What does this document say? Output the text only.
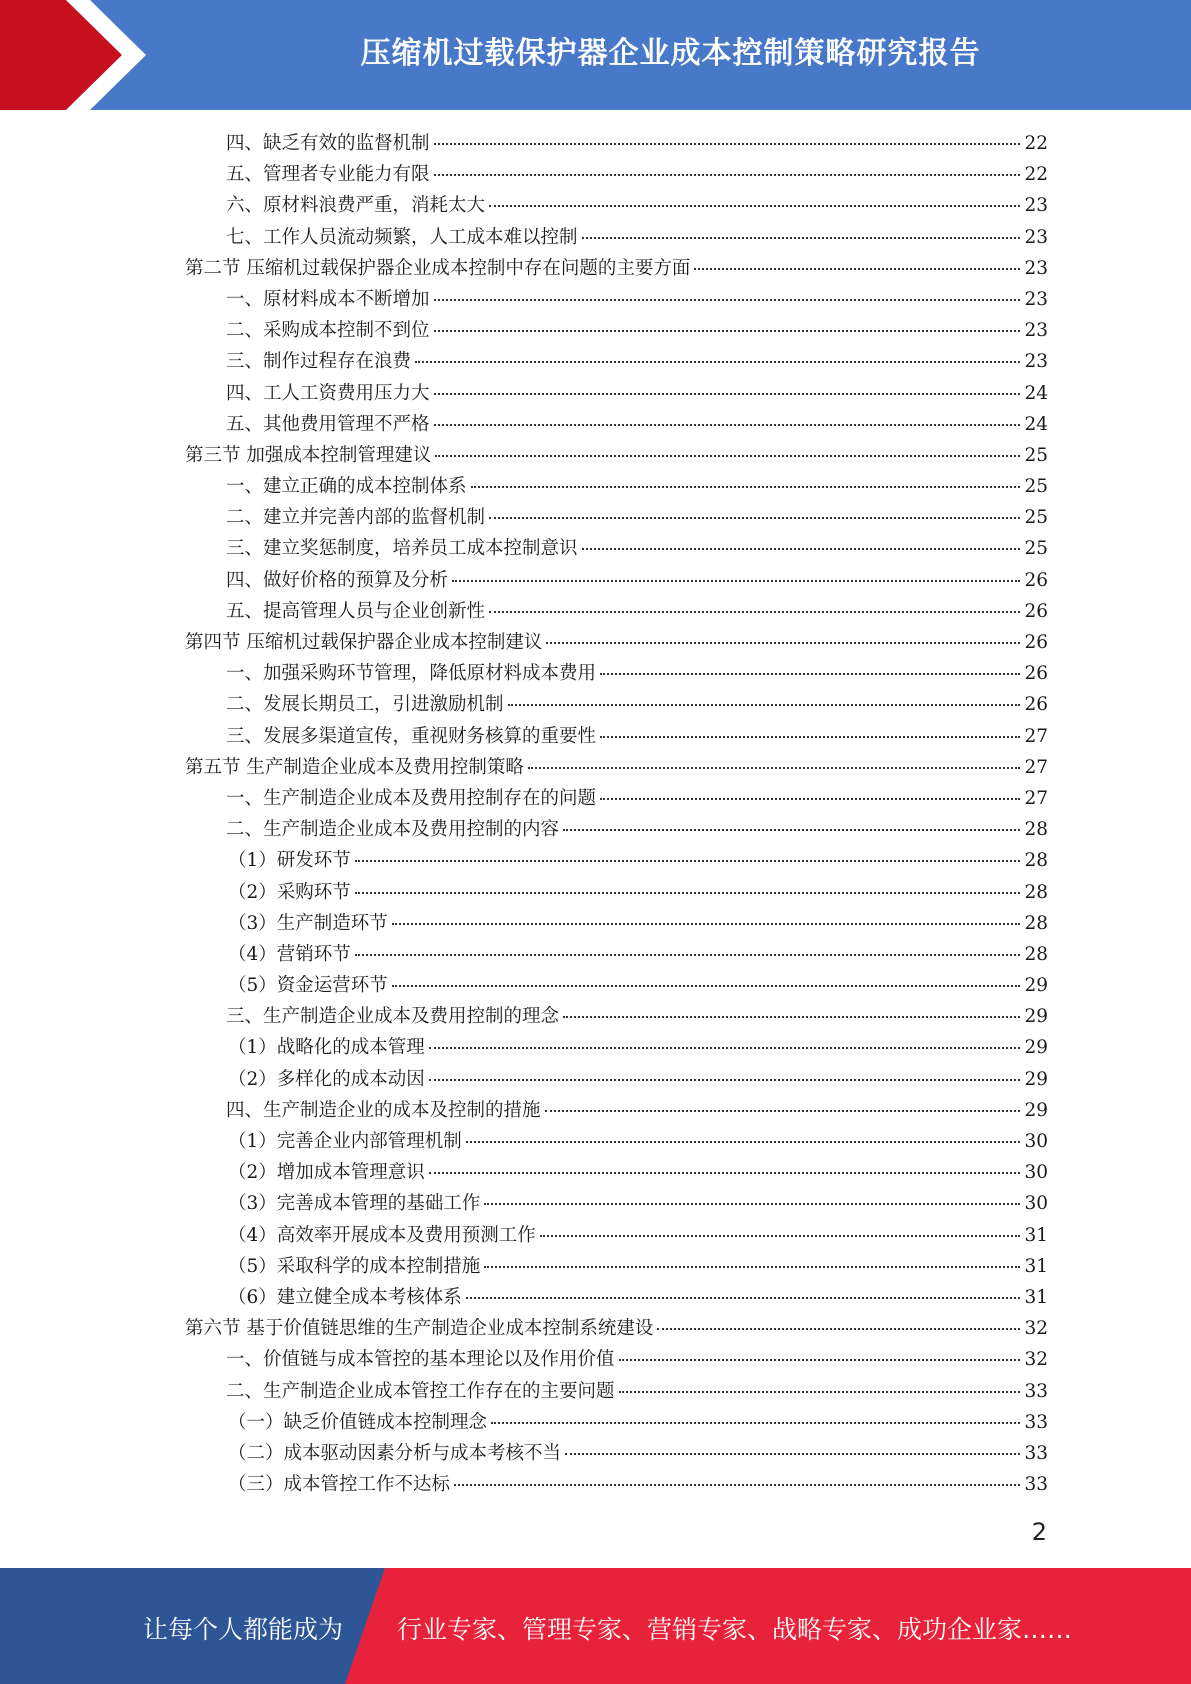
压缩机过载保护器企业成本控制策略研究报告
四、缺乏有效的监督机制	22
五、管理者专业能力有限	22
六、原材料浪费严重，消耗太大	23
七、工作人员流动频繁，人工成本难以控制	23
第二节 压缩机过载保护器企业成本控制中存在问题的主要方面	23
一、原材料成本不断增加	23
二、采购成本控制不到位	23
三、制作过程存在浪费	23
四、工人工资费用压力大	24
五、其他费用管理不严格	24
第三节 加强成本控制管理建议	25
一、建立正确的成本控制体系	25
二、建立并完善内部的监督机制	25
三、建立奖惩制度，培养员工成本控制意识	25
四、做好价格的预算及分析	26
五、提高管理人员与企业创新性	26
第四节 压缩机过载保护器企业成本控制建议	26
一、加强采购环节管理，降低原材料成本费用	26
二、发展长期员工，引进激励机制	26
三、发展多渠道宣传，重视财务核算的重要性	27
第五节 生产制造企业成本及费用控制策略	27
一、生产制造企业成本及费用控制存在的问题	27
二、生产制造企业成本及费用控制的内容	28
（1）研发环节	28
（2）采购环节	28
（3）生产制造环节	28
（4）营销环节	28
（5）资金运营环节	29
三、生产制造企业成本及费用控制的理念	29
（1）战略化的成本管理	29
（2）多样化的成本动因	29
四、生产制造企业的成本及控制的措施	29
（1）完善企业内部管理机制	30
（2）增加成本管理意识	30
（3）完善成本管理的基础工作	30
（4）高效率开展成本及费用预测工作	31
（5）采取科学的成本控制措施	31
（6）建立健全成本考核体系	31
第六节 基于价值链思维的生产制造企业成本控制系统建设	32
一、价值链与成本管控的基本理论以及作用价值	32
二、生产制造企业成本管控工作存在的主要问题	33
（一）缺乏价值链成本控制理念	33
（二）成本驱动因素分析与成本考核不当	33
（三）成本管控工作不达标	33
2
让每个人都能成为 行业专家、管理专家、营销专家、战略专家、成功企业家……
